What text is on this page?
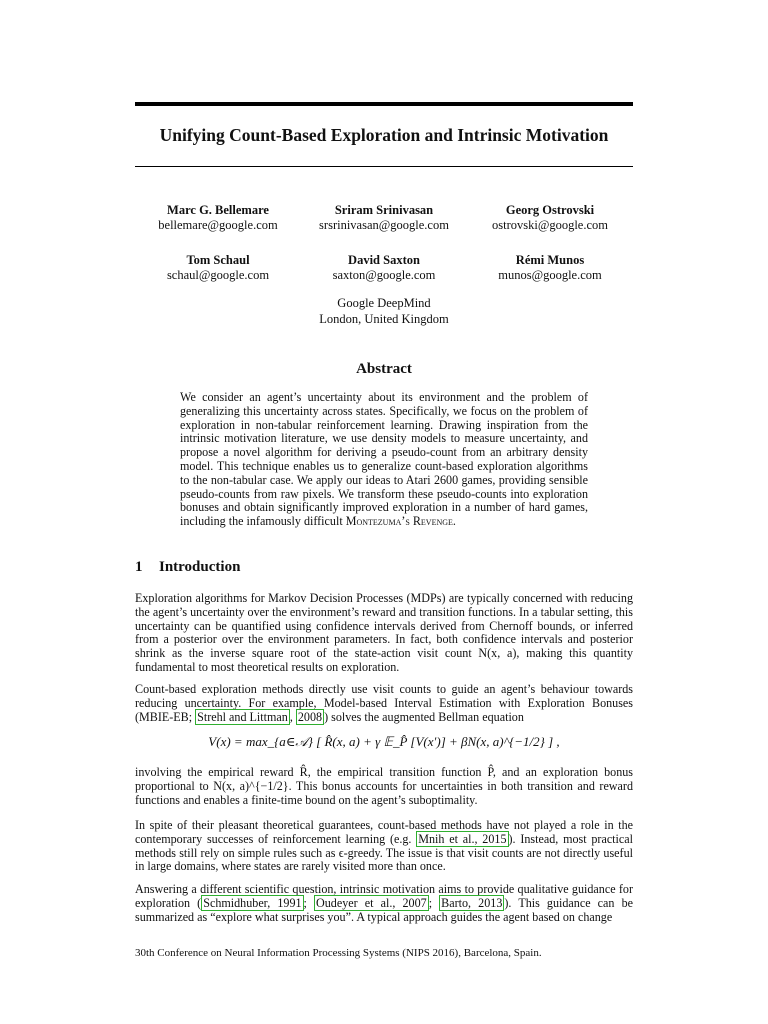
Unifying Count-Based Exploration and Intrinsic Motivation
Marc G. Bellemare
bellemare@google.com
Sriram Srinivasan
srsrinivasan@google.com
Georg Ostrovski
ostrovski@google.com
Tom Schaul
schaul@google.com
David Saxton
saxton@google.com
Rémi Munos
munos@google.com
Google DeepMind
London, United Kingdom
Abstract
We consider an agent’s uncertainty about its environment and the problem of generalizing this uncertainty across states. Specifically, we focus on the problem of exploration in non-tabular reinforcement learning. Drawing inspiration from the intrinsic motivation literature, we use density models to measure uncertainty, and propose a novel algorithm for deriving a pseudo-count from an arbitrary density model. This technique enables us to generalize count-based exploration algorithms to the non-tabular case. We apply our ideas to Atari 2600 games, providing sensible pseudo-counts from raw pixels. We transform these pseudo-counts into exploration bonuses and obtain significantly improved exploration in a number of hard games, including the infamously difficult Montezuma’s Revenge.
1 Introduction
Exploration algorithms for Markov Decision Processes (MDPs) are typically concerned with reducing the agent’s uncertainty over the environment’s reward and transition functions. In a tabular setting, this uncertainty can be quantified using confidence intervals derived from Chernoff bounds, or inferred from a posterior over the environment parameters. In fact, both confidence intervals and posterior shrink as the inverse square root of the state-action visit count N(x, a), making this quantity fundamental to most theoretical results on exploration.
Count-based exploration methods directly use visit counts to guide an agent’s behaviour towards reducing uncertainty. For example, Model-based Interval Estimation with Exploration Bonuses (MBIE-EB; Strehl and Littman , 2008 ) solves the augmented Bellman equation
V(x) = max_{a∈𝒜} [ R̂(x, a) + γ 𝔼_P̂ [V(x′)] + βN(x, a)^{−1/2} ] ,
involving the empirical reward R̂, the empirical transition function P̂, and an exploration bonus proportional to N(x, a)^{−1/2}. This bonus accounts for uncertainties in both transition and reward functions and enables a finite-time bound on the agent’s suboptimality.
In spite of their pleasant theoretical guarantees, count-based methods have not played a role in the contemporary successes of reinforcement learning (e.g. Mnih et al., 2015 ). Instead, most practical methods still rely on simple rules such as ϵ-greedy. The issue is that visit counts are not directly useful in large domains, where states are rarely visited more than once.
Answering a different scientific question, intrinsic motivation aims to provide qualitative guidance for exploration ( Schmidhuber, 1991 ; Oudeyer et al., 2007 ; Barto, 2013 ). This guidance can be summarized as “explore what surprises you”. A typical approach guides the agent based on change
30th Conference on Neural Information Processing Systems (NIPS 2016), Barcelona, Spain.
